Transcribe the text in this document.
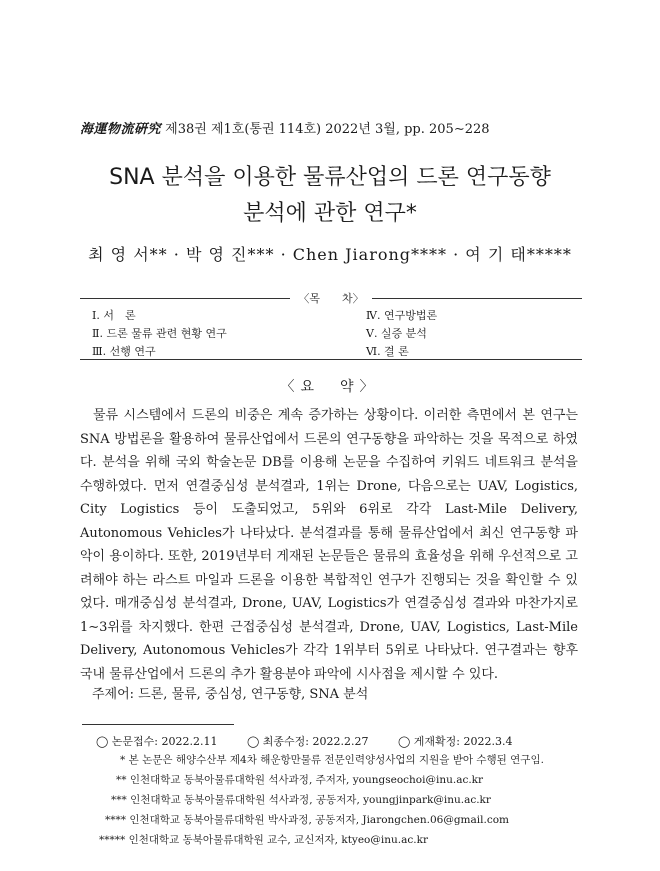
海運物流硏究 제38권 제1호(통권 114호) 2022년 3월, pp. 205∼228
SNA 분석을 이용한 물류산업의 드론 연구동향
분석에 관한 연구*
최 영 서** · 박 영 진*** · Chen Jiarong**** · 여 기 태*****
〈목　　차〉
Ⅰ. 서　론
Ⅱ. 드론 물류 관련 현황 연구
Ⅲ. 선행 연구
Ⅳ. 연구방법론
Ⅴ. 실증 분석
Ⅵ. 결 론
〈요　약〉

물류 시스템에서 드론의 비중은 계속 증가하는 상황이다. 이러한 측면에서 본 연구는 SNA 방법론을 활용하여 물류산업에서 드론의 연구동향을 파악하는 것을 목적으로 하였다. 분석을 위해 국외 학술논문 DB를 이용해 논문을 수집하여 키워드 네트워크 분석을 수행하였다. 먼저 연결중심성 분석결과, 1위는 Drone, 다음으로는 UAV, Logistics, City Logistics 등이 도출되었고, 5위와 6위로 각각 Last-Mile Delivery, Autonomous Vehicles가 나타났다. 분석결과를 통해 물류산업에서 최신 연구동향 파악이 용이하다. 또한, 2019년부터 게재된 논문들은 물류의 효율성을 위해 우선적으로 고려해야 하는 라스트 마일과 드론을 이용한 복합적인 연구가 진행되는 것을 확인할 수 있었다. 매개중심성 분석결과, Drone, UAV, Logistics가 연결중심성 결과와 마찬가지로 1∼3위를 차지했다. 한편 근접중심성 분석결과, Drone, UAV, Logistics, Last-Mile Delivery, Autonomous Vehicles가 각각 1위부터 5위로 나타났다. 연구결과는 향후 국내 물류산업에서 드론의 추가 활용분야 파악에 시사점을 제시할 수 있다.

주제어: 드론, 물류, 중심성, 연구동향, SNA 분석
◯ 논문접수: 2022.2.11	◯ 최종수정: 2022.2.27	◯ 게재확정: 2022.3.4
* 본 논문은 해양수산부 제4차 해운항만물류 전문인력양성사업의 지원을 받아 수행된 연구임.
** 인천대학교 동북아물류대학원 석사과정, 주저자, youngseochoi@inu.ac.kr
*** 인천대학교 동북아물류대학원 석사과정, 공동저자, youngjinpark@inu.ac.kr
**** 인천대학교 동북아물류대학원 박사과정, 공동저자, Jiarongchen.06@gmail.com
***** 인천대학교 동북아물류대학원 교수, 교신저자, ktyeo@inu.ac.kr
